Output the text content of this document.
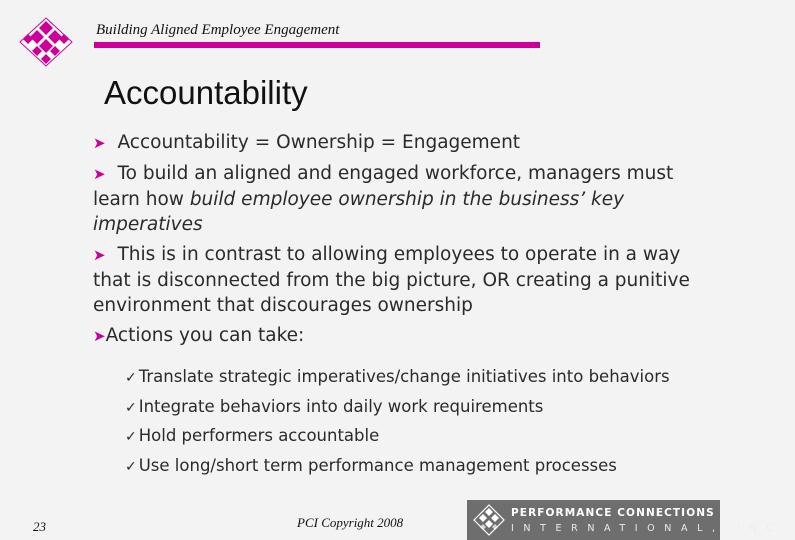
Building Aligned Employee Engagement
Accountability
➤ Accountability = Ownership = Engagement
➤ To build an aligned and engaged workforce, managers must learn how build employee ownership in the business’ key imperatives
➤ This is in contrast to allowing employees to operate in a way that is disconnected from the big picture, OR creating a punitive environment that discourages ownership
➤Actions you can take:
✓ Translate strategic imperatives/change initiatives into behaviors
✓ Integrate behaviors into daily work requirements
✓ Hold performers accountable
✓ Use long/short term performance management processes
23	PCI Copyright 2008
PERFORMANCE CONNECTIONS
INTERNATIONAL, INC.
